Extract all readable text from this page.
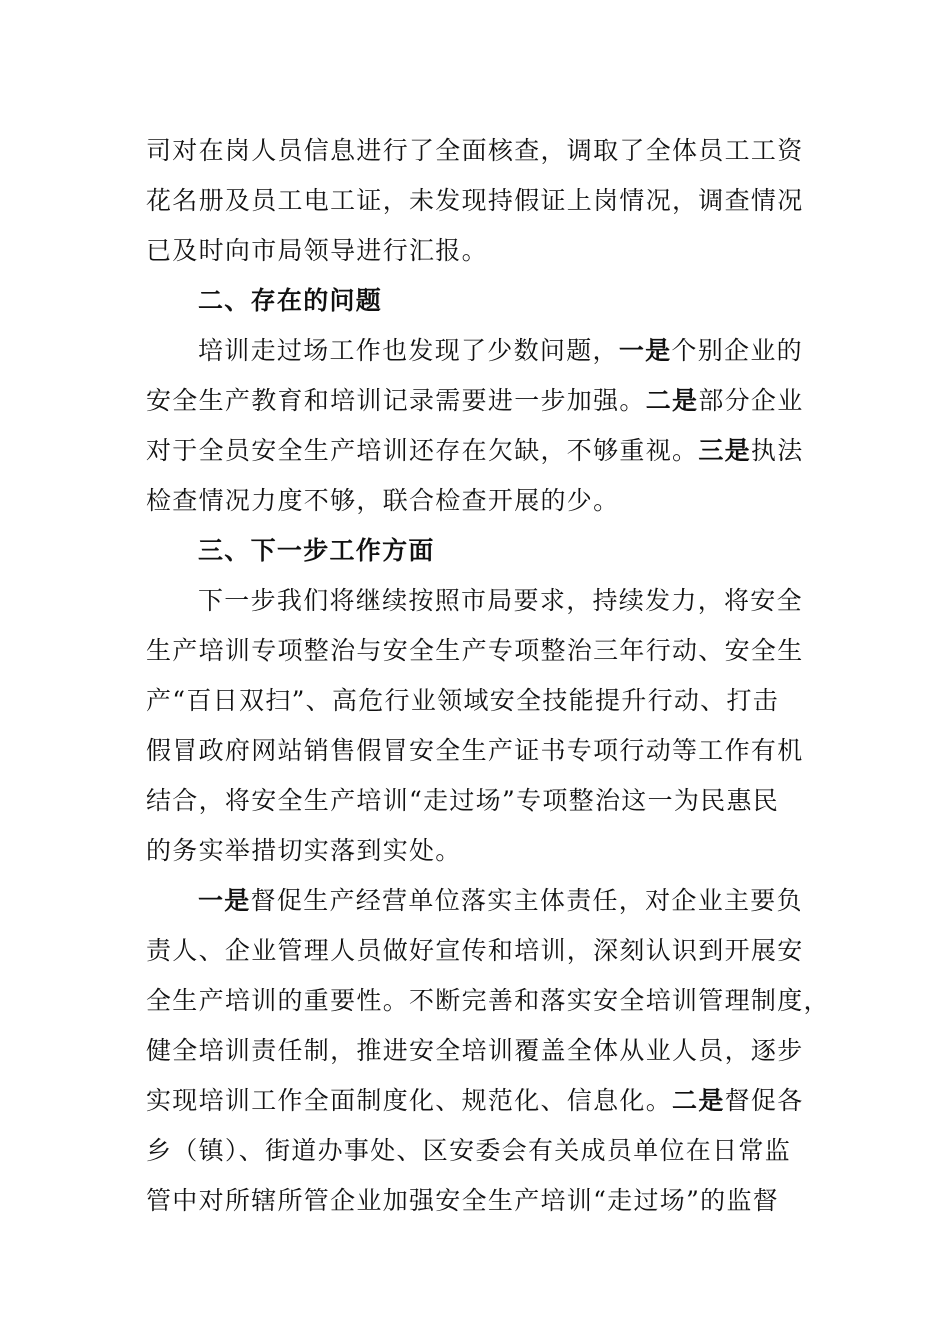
司对在岗人员信息进行了全面核查，调取了全体员工工资
花名册及员工电工证，未发现持假证上岗情况，调查情况
已及时向市局领导进行汇报。
二、存在的问题
培训走过场工作也发现了少数问题，一是个别企业的
安全生产教育和培训记录需要进一步加强。二是部分企业
对于全员安全生产培训还存在欠缺，不够重视。三是执法
检查情况力度不够，联合检查开展的少。
三、下一步工作方面
下一步我们将继续按照市局要求，持续发力，将安全
生产培训专项整治与安全生产专项整治三年行动、安全生
产“百日双扫”、高危行业领域安全技能提升行动、打击
假冒政府网站销售假冒安全生产证书专项行动等工作有机
结合，将安全生产培训“走过场”专项整治这一为民惠民
的务实举措切实落到实处。
一是督促生产经营单位落实主体责任，对企业主要负
责人、企业管理人员做好宣传和培训，深刻认识到开展安
全生产培训的重要性。不断完善和落实安全培训管理制度，
健全培训责任制，推进安全培训覆盖全体从业人员，逐步
实现培训工作全面制度化、规范化、信息化。二是督促各
乡（镇）、街道办事处、区安委会有关成员单位在日常监
管中对所辖所管企业加强安全生产培训“走过场”的监督
